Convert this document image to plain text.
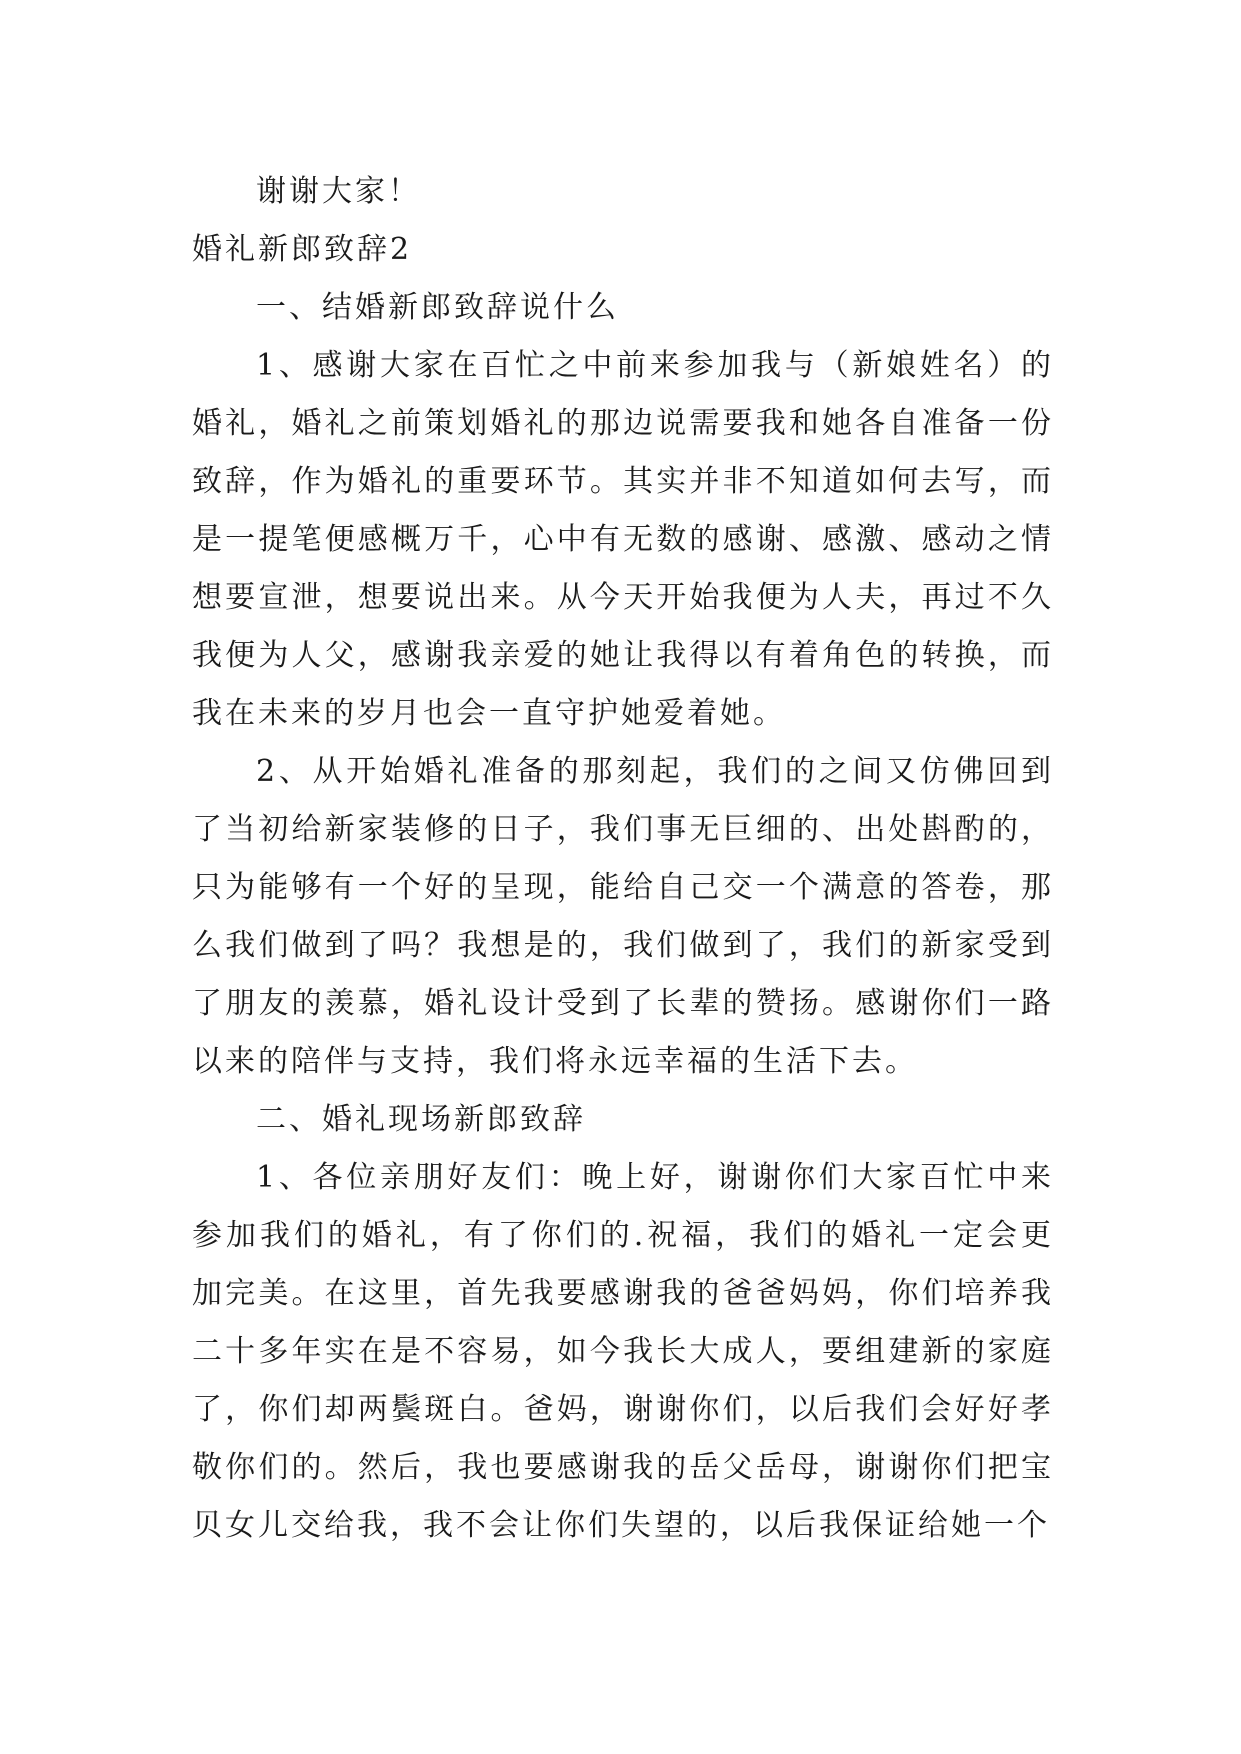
谢谢大家！

婚礼新郎致辞2

一、结婚新郎致辞说什么

1、感谢大家在百忙之中前来参加我与（新娘姓名）的婚礼，婚礼之前策划婚礼的那边说需要我和她各自准备一份致辞，作为婚礼的重要环节。其实并非不知道如何去写，而是一提笔便感概万千，心中有无数的感谢、感激、感动之情想要宣泄，想要说出来。从今天开始我便为人夫，再过不久我便为人父，感谢我亲爱的她让我得以有着角色的转换，而我在未来的岁月也会一直守护她爱着她。

2、从开始婚礼准备的那刻起，我们的之间又仿佛回到了当初给新家装修的日子，我们事无巨细的、出处斟酌的，只为能够有一个好的呈现，能给自己交一个满意的答卷，那么我们做到了吗？我想是的，我们做到了，我们的新家受到了朋友的羡慕，婚礼设计受到了长辈的赞扬。感谢你们一路以来的陪伴与支持，我们将永远幸福的生活下去。

二、婚礼现场新郎致辞

1、各位亲朋好友们：晚上好，谢谢你们大家百忙中来参加我们的婚礼，有了你们的.祝福，我们的婚礼一定会更加完美。在这里，首先我要感谢我的爸爸妈妈，你们培养我二十多年实在是不容易，如今我长大成人，要组建新的家庭了，你们却两鬓斑白。爸妈，谢谢你们，以后我们会好好孝敬你们的。然后，我也要感谢我的岳父岳母，谢谢你们把宝贝女儿交给我，我不会让你们失望的，以后我保证给她一个
